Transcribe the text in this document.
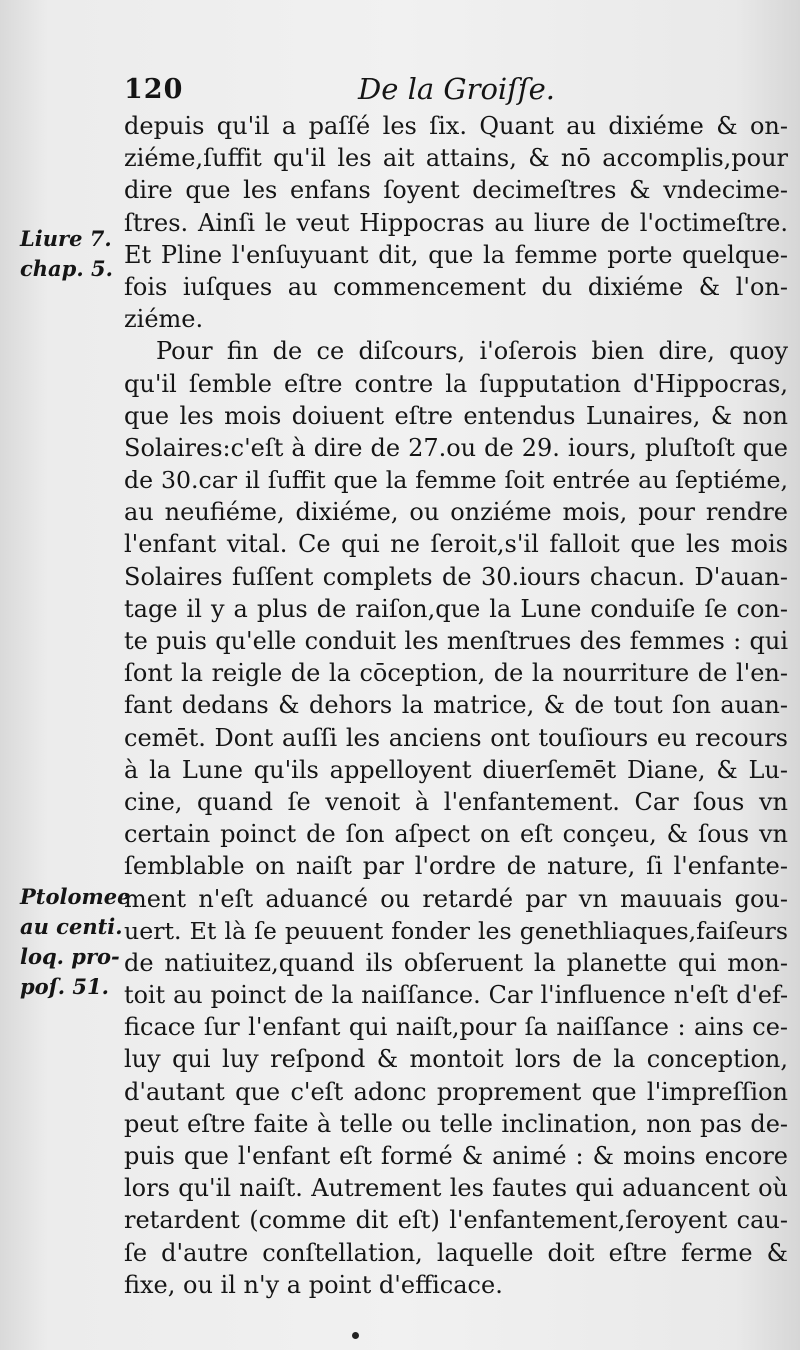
120	De la Groiſſe.
Liure 7.
chap. 5.
Ptolomee
au centi.
loq. pro-
poſ. 51.
depuis qu'il a paſſé les ſix. Quant au dixiéme & on-
ziéme,ſuffit qu'il les ait attains, & nō accomplis,pour
dire que les enfans ſoyent decimeſtres & vndecime-
ſtres. Ainſi le veut Hippocras au liure de l'octimeſtre.
Et Pline l'enſuyuant dit, que la femme porte quelque-
fois iuſques au commencement du dixiéme & l'on-
ziéme.
Pour fin de ce diſcours, i'oſerois bien dire, quoy
qu'il ſemble eſtre contre la ſupputation d'Hippocras,
que les mois doiuent eſtre entendus Lunaires, & non
Solaires:c'eſt à dire de 27.ou de 29. iours, pluſtoſt que
de 30.car il ſuffit que la femme ſoit entrée au ſeptiéme,
au neufiéme, dixiéme, ou onziéme mois, pour rendre
l'enfant vital. Ce qui ne ſeroit,s'il falloit que les mois
Solaires fuſſent complets de 30.iours chacun. D'auan-
tage il y a plus de raiſon,que la Lune conduiſe ſe con-
te puis qu'elle conduit les menſtrues des femmes : qui
ſont la reigle de la cōception, de la nourriture de l'en-
fant dedans & dehors la matrice, & de tout ſon auan-
cemēt. Dont auſſi les anciens ont touſiours eu recours
à la Lune qu'ils appelloyent diuerſemēt Diane, & Lu-
cine, quand ſe venoit à l'enfantement. Car ſous vn
certain poinct de ſon aſpect on eſt conçeu, & ſous vn
ſemblable on naiſt par l'ordre de nature, ſi l'enfante-
ment n'eſt aduancé ou retardé par vn mauuais gou-
uert. Et là ſe peuuent fonder les genethliaques,faiſeurs
de natiuitez,quand ils obſeruent la planette qui mon-
toit au poinct de la naiſſance. Car l'influence n'eſt d'ef-
ficace ſur l'enfant qui naiſt,pour ſa naiſſance : ains ce-
luy qui luy reſpond & montoit lors de la conception,
d'autant que c'eſt adonc proprement que l'impreſſion
peut eſtre faite à telle ou telle inclination, non pas de-
puis que l'enfant eſt formé & animé : & moins encore
lors qu'il naiſt. Autrement les fautes qui aduancent où
retardent (comme dit eſt) l'enfantement,ſeroyent cau-
ſe d'autre conſtellation, laquelle doit eſtre ferme &
fixe, ou il n'y a point d'efficace.
